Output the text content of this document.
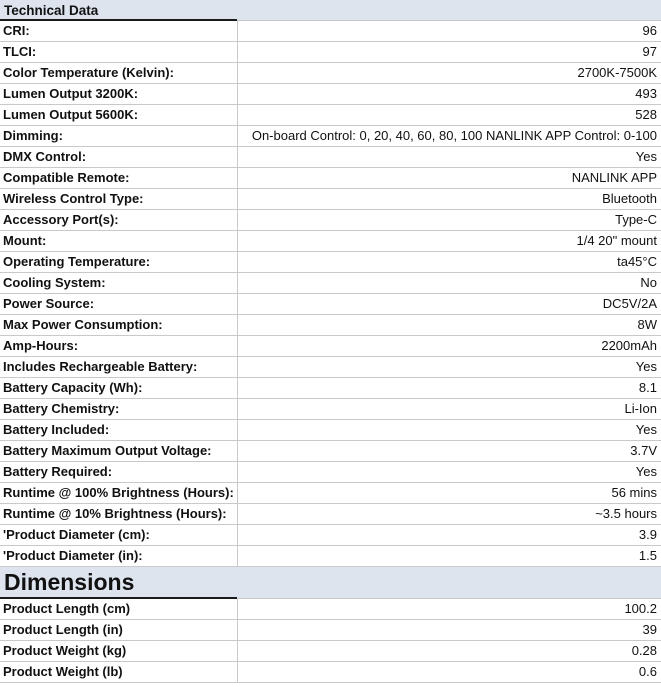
Technical Data
CRI:	96
TLCI:	97
Color Temperature (Kelvin):	2700K-7500K
Lumen Output 3200K:	493
Lumen Output 5600K:	528
Dimming:	On-board Control: 0, 20, 40, 60, 80, 100 NANLINK APP Control: 0-100
DMX Control:	Yes
Compatible Remote:	NANLINK APP
Wireless Control Type:	Bluetooth
Accessory Port(s):	Type-C
Mount:	1/4 20" mount
Operating Temperature:	ta45°C
Cooling System:	No
Power Source:	DC5V/2A
Max Power Consumption:	8W
Amp-Hours:	2200mAh
Includes Rechargeable Battery:	Yes
Battery Capacity (Wh):	8.1
Battery Chemistry:	Li-Ion
Battery Included:	Yes
Battery Maximum Output Voltage:	3.7V
Battery Required:	Yes
Runtime @ 100% Brightness (Hours):	56 mins
Runtime @ 10% Brightness (Hours):	~3.5 hours
'Product Diameter (cm):	3.9
'Product Diameter (in):	1.5
Dimensions
Product Length (cm)	100.2
Product Length (in)	39
Product Weight (kg)	0.28
Product Weight (lb)	0.6
